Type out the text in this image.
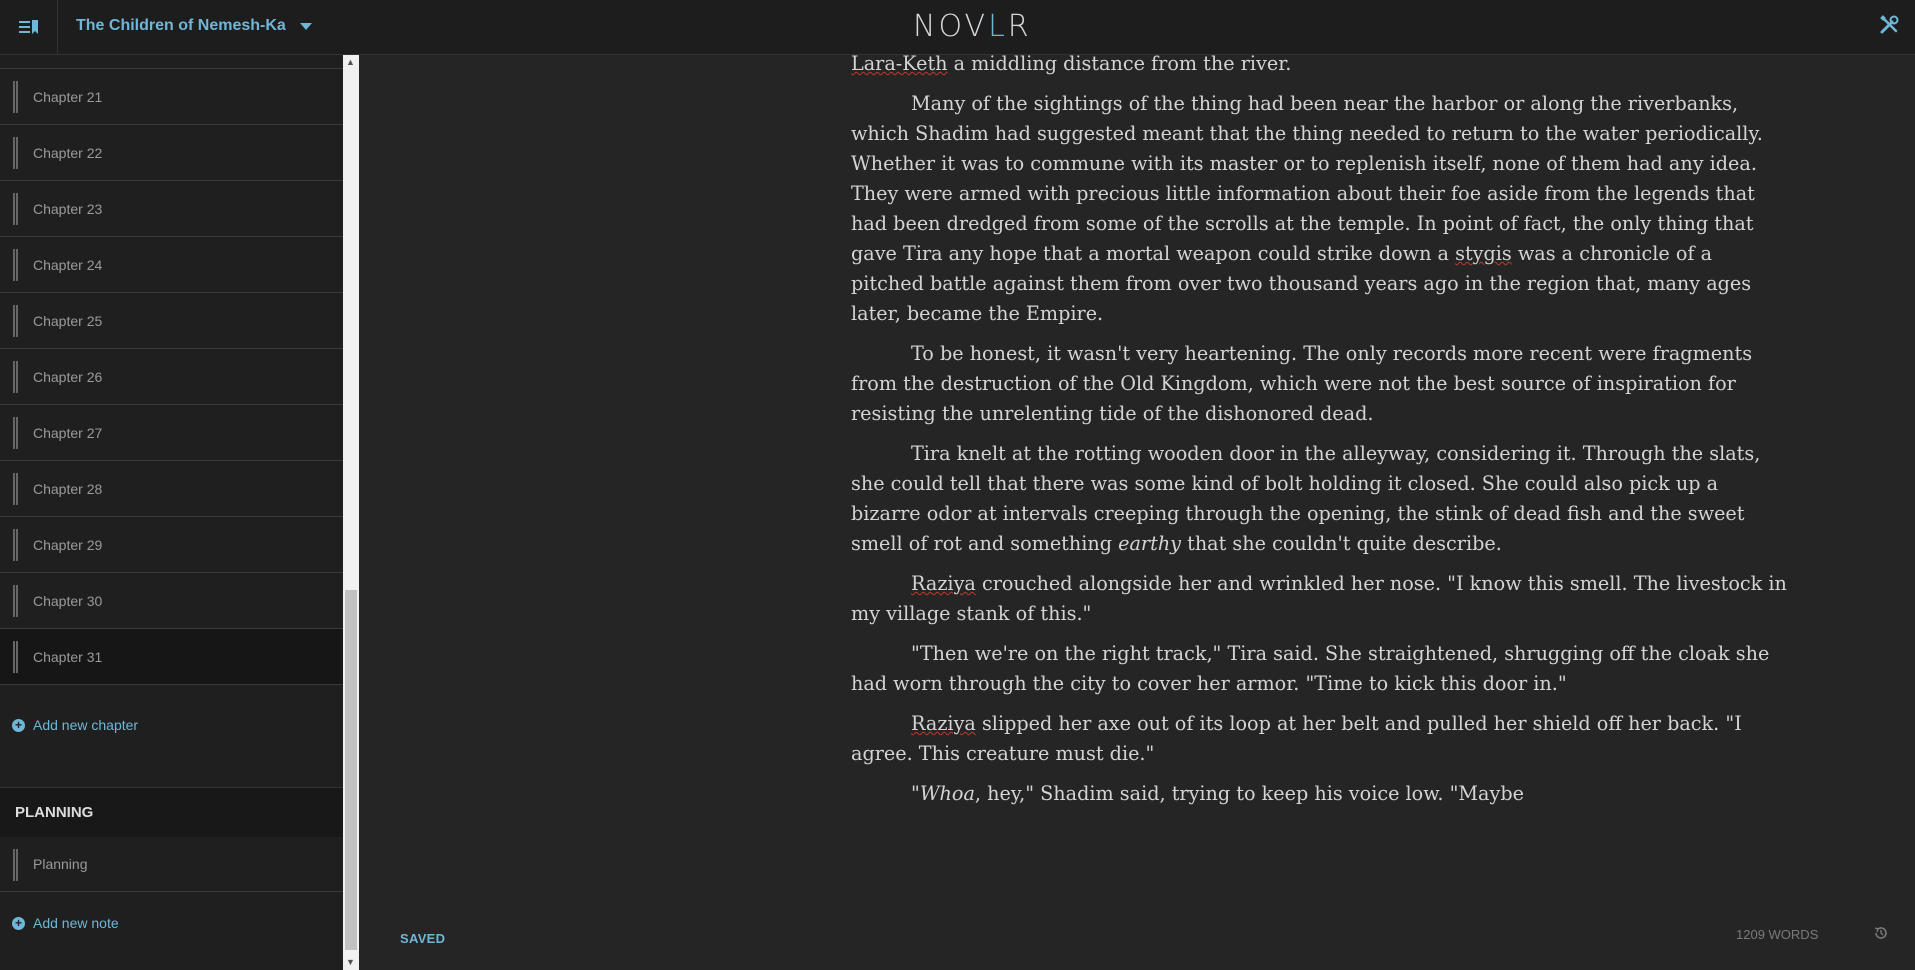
The Children of Nemesh-Ka	NOVLR
Chapter 21
Chapter 22
Chapter 23
Chapter 24
Chapter 25
Chapter 26
Chapter 27
Chapter 28
Chapter 29
Chapter 30
Chapter 31
+ Add new chapter
PLANNING
Planning
+ Add new note
▲
▼

Lara-Keth a middling distance from the river.

Many of the sightings of the thing had been near the harbor or along the riverbanks, which Shadim had suggested meant that the thing needed to return to the water periodically. Whether it was to commune with its master or to replenish itself, none of them had any idea. They were armed with precious little information about their foe aside from the legends that had been dredged from some of the scrolls at the temple. In point of fact, the only thing that gave Tira any hope that a mortal weapon could strike down a stygis was a chronicle of a pitched battle against them from over two thousand years ago in the region that, many ages later, became the Empire.

To be honest, it wasn't very heartening. The only records more recent were fragments from the destruction of the Old Kingdom, which were not the best source of inspiration for resisting the unrelenting tide of the dishonored dead.

Tira knelt at the rotting wooden door in the alleyway, considering it. Through the slats, she could tell that there was some kind of bolt holding it closed. She could also pick up a bizarre odor at intervals creeping through the opening, the stink of dead fish and the sweet smell of rot and something earthy that she couldn't quite describe.

Raziya crouched alongside her and wrinkled her nose. "I know this smell. The livestock in my village stank of this."

"Then we're on the right track," Tira said. She straightened, shrugging off the cloak she had worn through the city to cover her armor. "Time to kick this door in."

Raziya slipped her axe out of its loop at her belt and pulled her shield off her back. "I agree. This creature must die."

"Whoa, hey," Shadim said, trying to keep his voice low. "Maybe

SAVED	1209 WORDS
